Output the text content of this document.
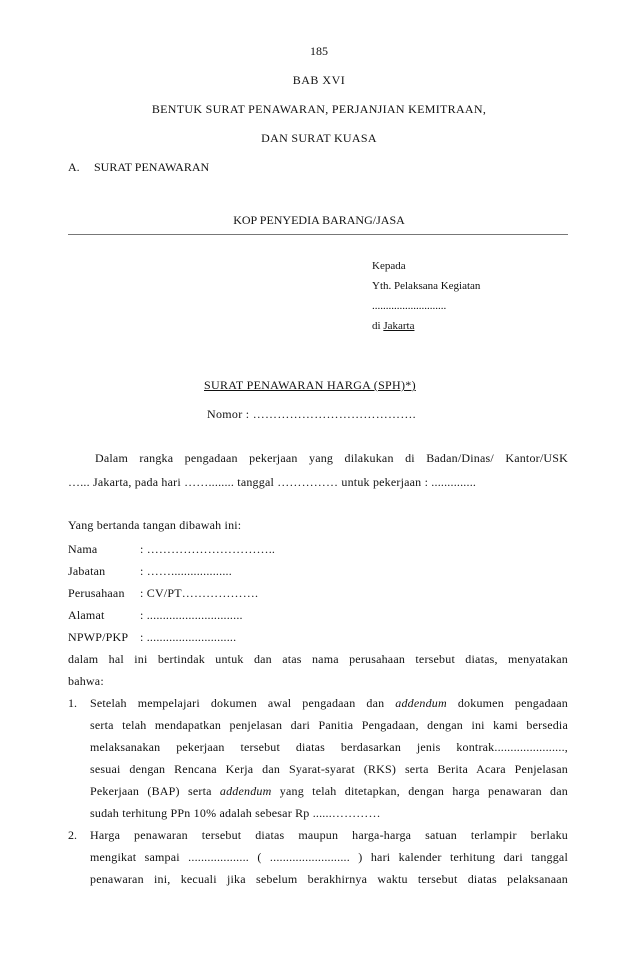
185
BAB XVI
BENTUK SURAT PENAWARAN, PERJANJIAN KEMITRAAN,
DAN SURAT KUASA
A. SURAT PENAWARAN
KOP PENYEDIA BARANG/JASA
Kepada
Yth. Pelaksana Kegiatan
...........................
di Jakarta
SURAT PENAWARAN HARGA (SPH)*)
Nomor : ………………………………….
Dalam rangka pengadaan pekerjaan yang dilakukan di Badan/Dinas/ Kantor/USK
…... Jakarta, pada hari ……........ tanggal …………… untuk pekerjaan : ..............
Yang bertanda tangan dibawah ini:
Nama	: …………………………..
Jabatan	: ……...................
Perusahaan : CV/PT……………….
Alamat	: ..............................
NPWP/PKP : ............................
dalam hal ini bertindak untuk dan atas nama perusahaan tersebut diatas, menyatakan
bahwa:
1. Setelah mempelajari dokumen awal pengadaan dan addendum dokumen pengadaan
serta telah mendapatkan penjelasan dari Panitia Pengadaan, dengan ini kami bersedia
melaksanakan pekerjaan tersebut diatas berdasarkan jenis kontrak......................,
sesuai dengan Rencana Kerja dan Syarat-syarat (RKS) serta Berita Acara Penjelasan
Pekerjaan (BAP) serta addendum yang telah ditetapkan, dengan harga penawaran dan
sudah terhitung PPn 10% adalah sebesar Rp ......…………
2. Harga penawaran tersebut diatas maupun harga-harga satuan terlampir berlaku
mengikat sampai ................... ( ......................... ) hari kalender terhitung dari tanggal
penawaran ini, kecuali jika sebelum berakhirnya waktu tersebut diatas pelaksanaan
